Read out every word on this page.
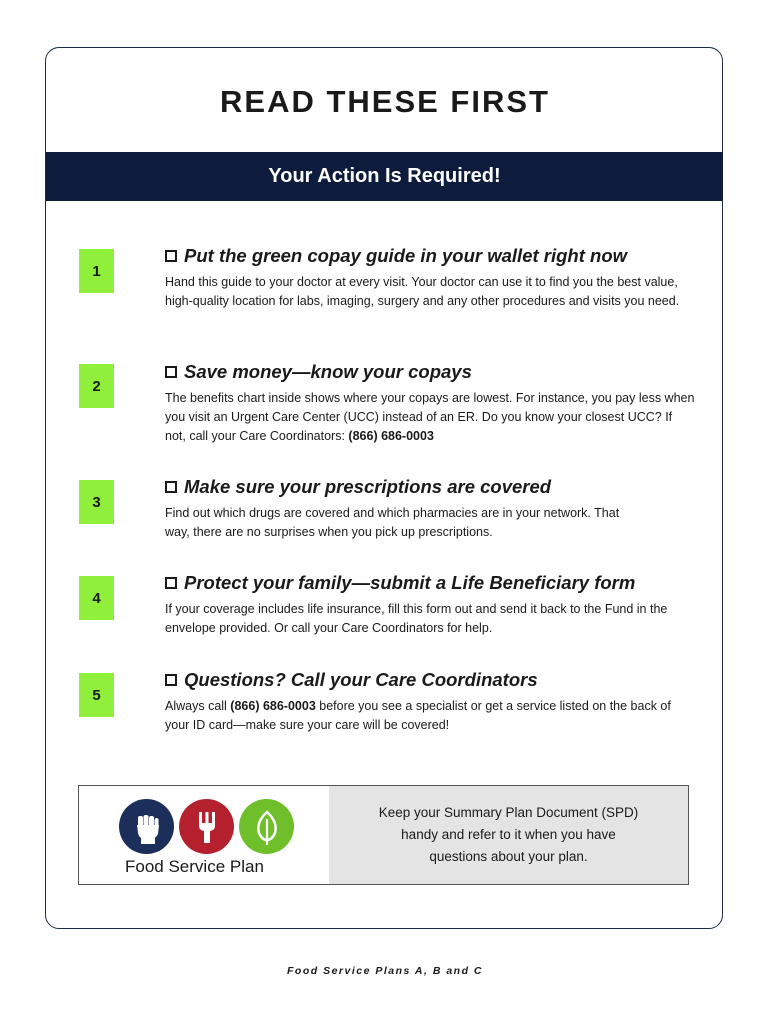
READ THESE FIRST
Your Action Is Required!
1
Put the green copay guide in your wallet right now
Hand this guide to your doctor at every visit. Your doctor can use it to find you the best value, high-quality location for labs, imaging, surgery and any other procedures and visits you need.
2
Save money—know your copays
The benefits chart inside shows where your copays are lowest. For instance, you pay less when you visit an Urgent Care Center (UCC) instead of an ER. Do you know your closest UCC? If not, call your Care Coordinators: (866) 686-0003
3
Make sure your prescriptions are covered
Find out which drugs are covered and which pharmacies are in your network. That way, there are no surprises when you pick up prescriptions.
4
Protect your family—submit a Life Beneficiary form
If your coverage includes life insurance, fill this form out and send it back to the Fund in the envelope provided. Or call your Care Coordinators for help.
5
Questions? Call your Care Coordinators
Always call (866) 686-0003 before you see a specialist or get a service listed on the back of your ID card—make sure your care will be covered!
Food Service Plan
Keep your Summary Plan Document (SPD) handy and refer to it when you have questions about your plan.
Food Service Plans A, B and C
